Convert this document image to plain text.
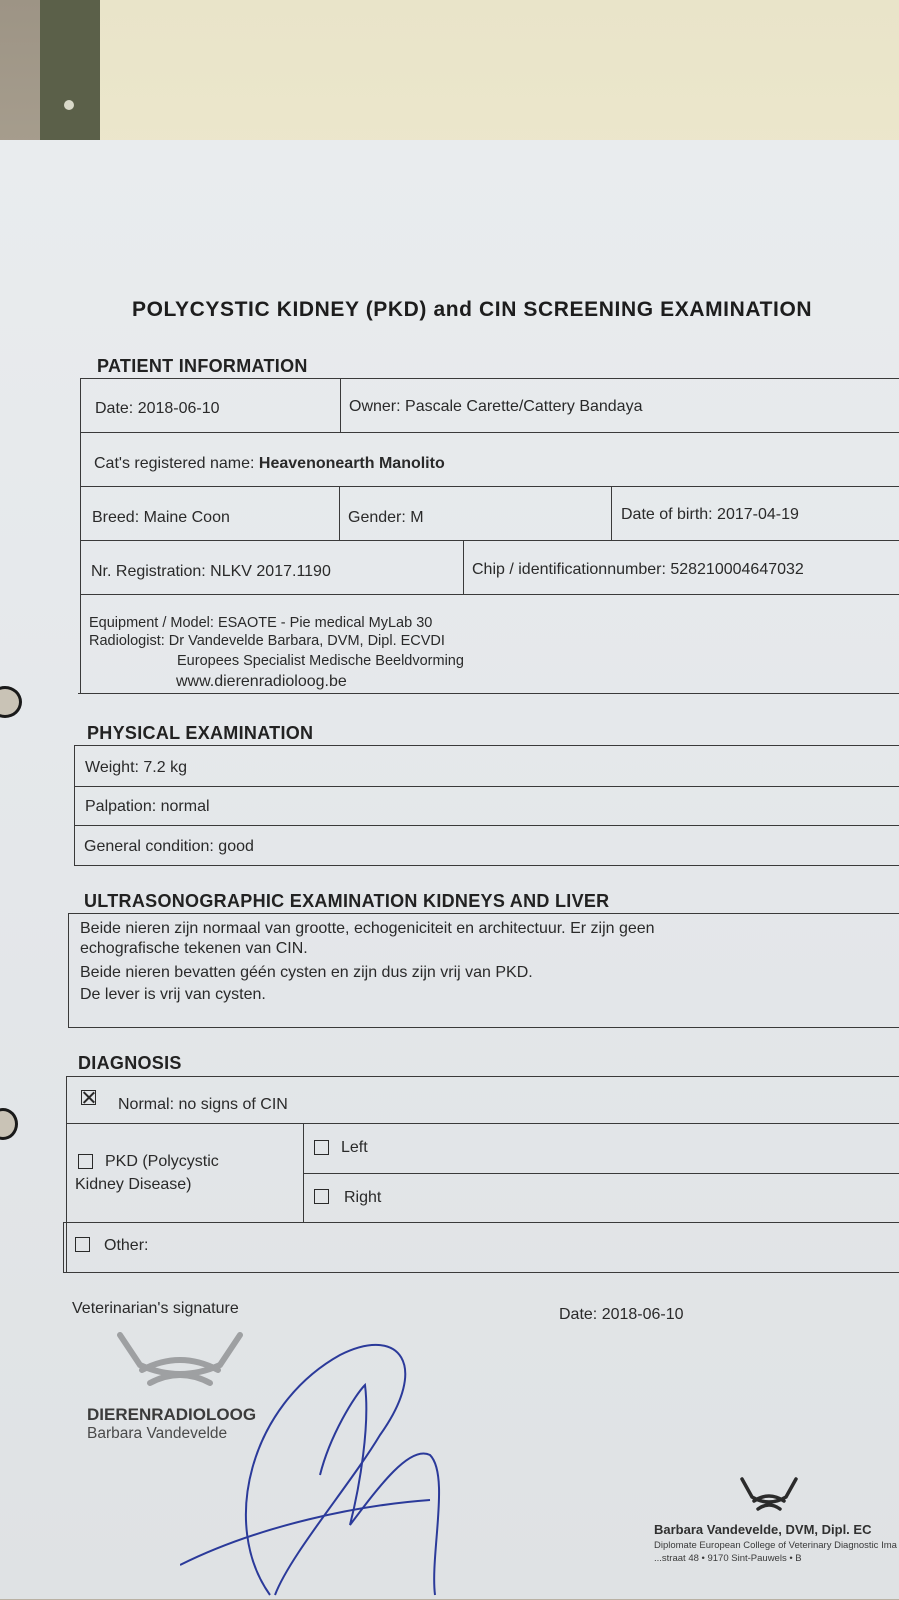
POLYCYSTIC KIDNEY (PKD) and CIN SCREENING EXAMINATION
PATIENT INFORMATION
Date: 2018-06-10	Owner: Pascale Carette/Cattery Bandaya
Cat's registered name: Heavenonearth Manolito
Breed: Maine Coon	Gender: M	Date of birth: 2017-04-19
Nr. Registration: NLKV 2017.1190	Chip / identificationnumber: 528210004647032
Equipment / Model: ESAOTE - Pie medical MyLab 30
Radiologist: Dr Vandevelde Barbara, DVM, Dipl. ECVDI
Europees Specialist Medische Beeldvorming
www.dierenradioloog.be
PHYSICAL EXAMINATION
Weight: 7.2 kg
Palpation: normal
General condition: good
ULTRASONOGRAPHIC EXAMINATION KIDNEYS AND LIVER
Beide nieren zijn normaal van grootte, echogeniciteit en architectuur. Er zijn geen
echografische tekenen van CIN.
Beide nieren bevatten géén cysten en zijn dus zijn vrij van PKD.
De lever is vrij van cysten.
DIAGNOSIS
Normal: no signs of CIN
PKD (Polycystic
Kidney Disease)
Left
Right
Other:
Veterinarian's signature	Date: 2018-06-10
DIERENRADIOLOOG
Barbara Vandevelde
Barbara Vandevelde, DVM, Dipl. EC
Diplomate European College of Veterinary Diagnostic Ima
...straat 48 • 9170 Sint-Pauwels • B
